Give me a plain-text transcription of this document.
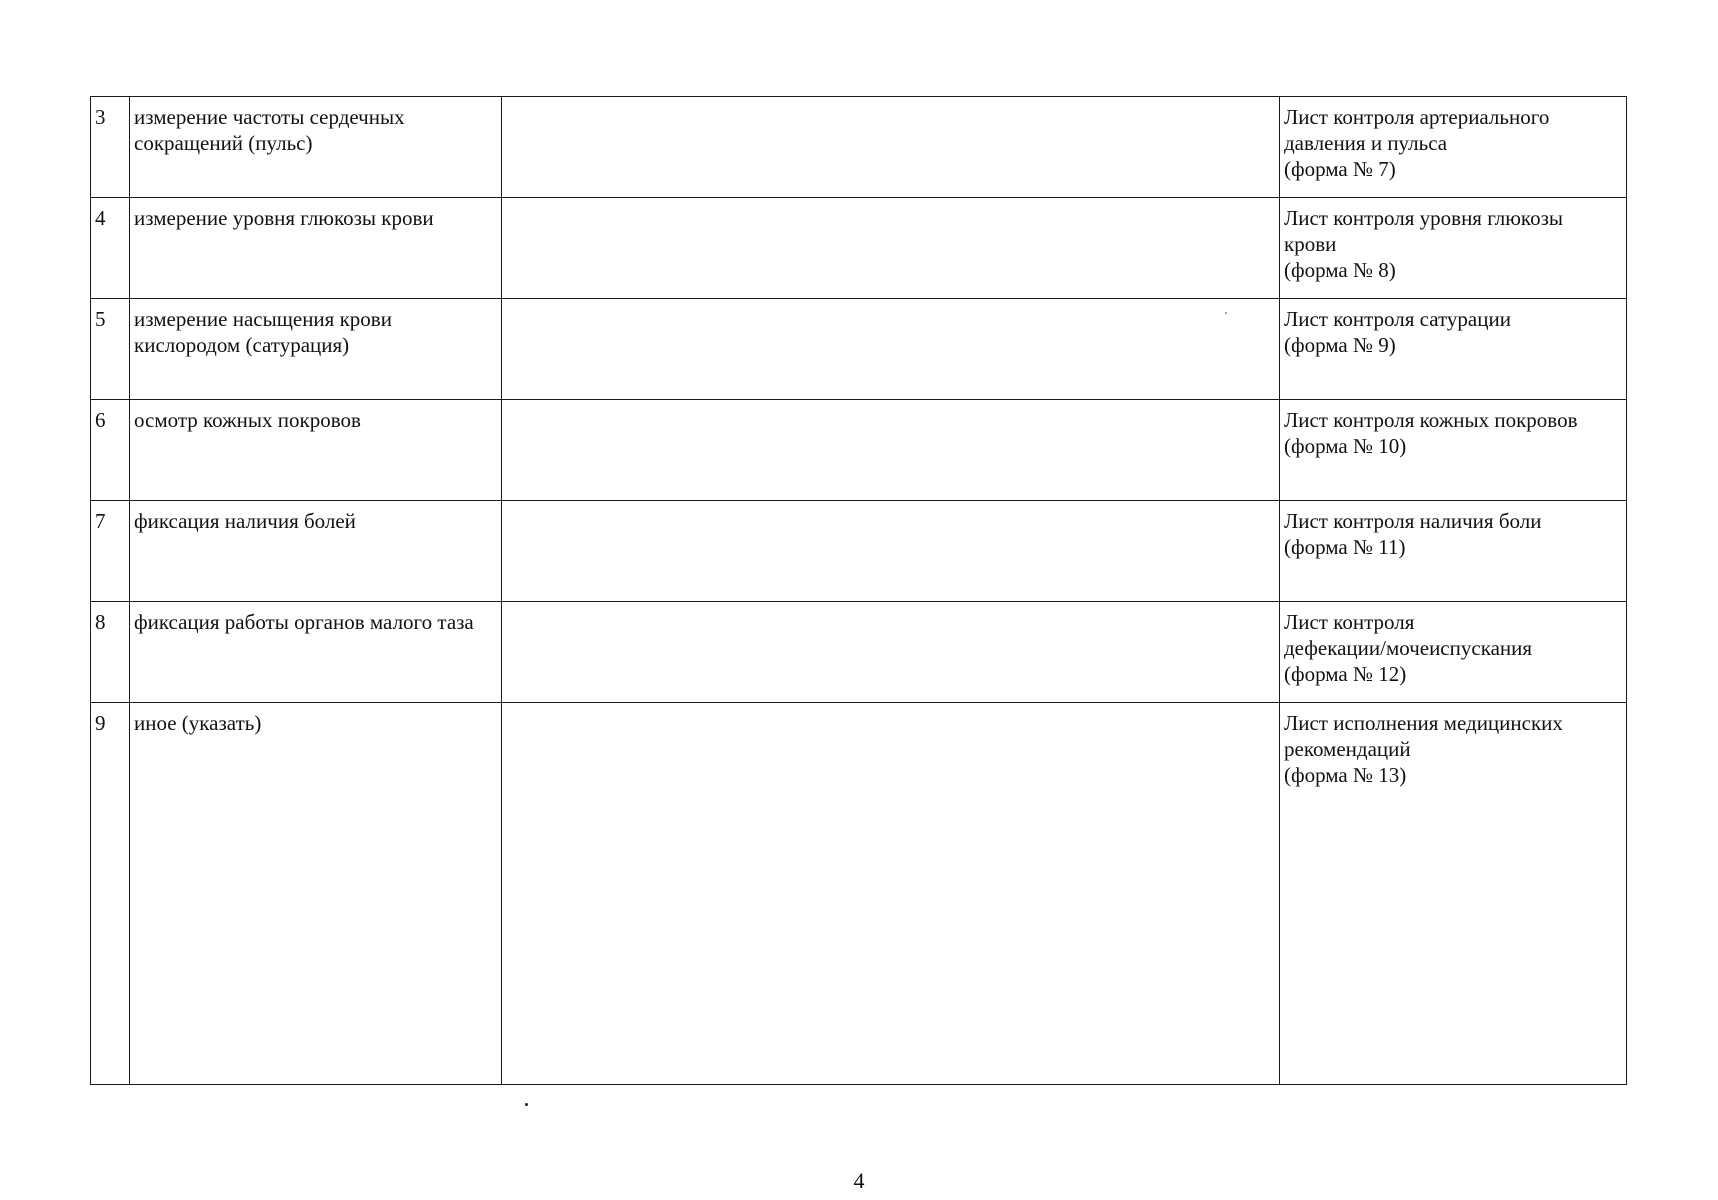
3	измерение частоты сердечных сокращений (пульс)		Лист контроля артериального
давления и пульса
(форма № 7)

4	измерение уровня глюкозы крови		Лист контроля уровня глюкозы
крови
(форма № 8)

5	измерение насыщения крови кислородом (сатурация)		Лист контроля сатурации
(форма № 9)

6	осмотр кожных покровов		Лист контроля кожных покровов
(форма № 10)

7	фиксация наличия болей		Лист контроля наличия боли
(форма № 11)

8	фиксация работы органов малого таза		Лист контроля
дефекации/мочеиспускания
(форма № 12)

9	иное (указать)		Лист исполнения медицинских
рекомендаций
(форма № 13)
4
